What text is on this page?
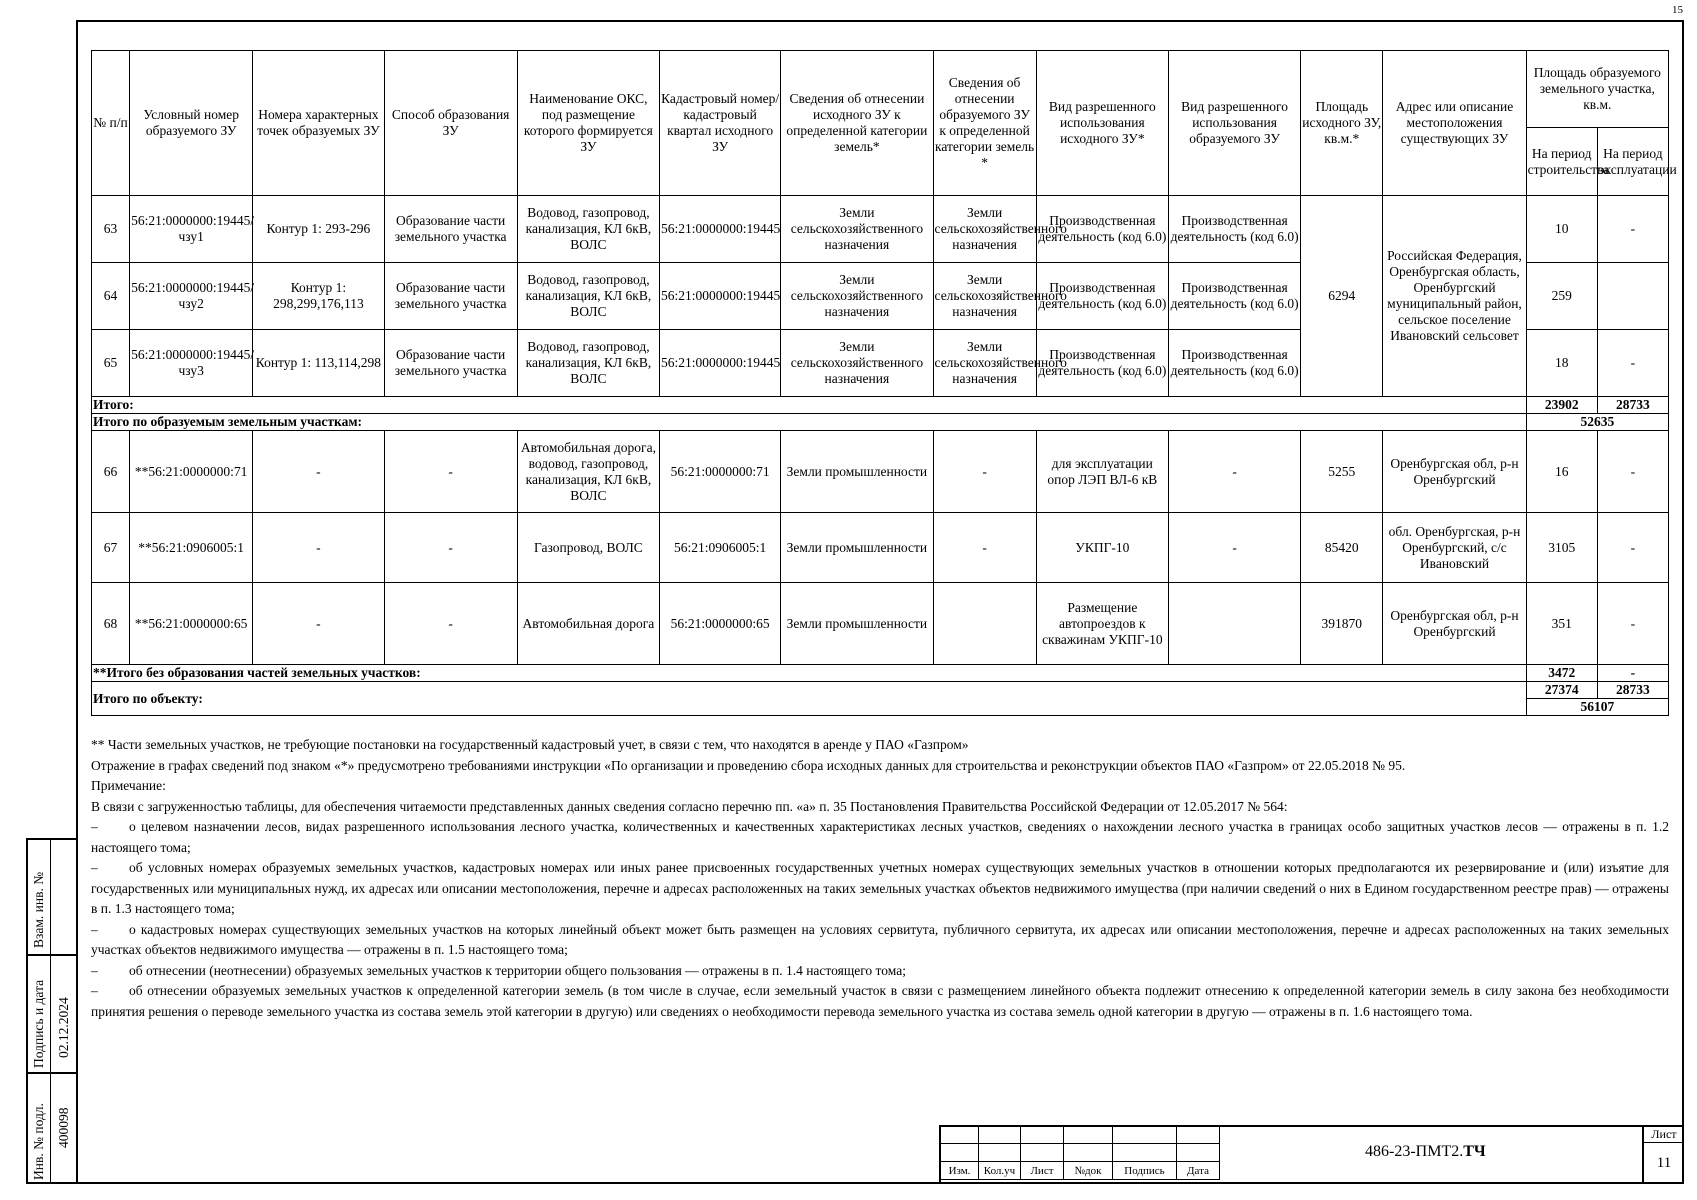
15
№ п/п	Условный номер образуемого ЗУ	Номера характерных точек образуемых ЗУ	Способ образования ЗУ	Наименование ОКС, под размещение которого формируется ЗУ	Кадастровый номер/ кадастровый квартал исходного ЗУ	Сведения об отнесении исходного ЗУ к определенной категории земель*	Сведения об отнесении образуемого ЗУ к определенной категории земель *	Вид разрешенного использования исходного ЗУ*	Вид разрешенного использования образуемого ЗУ	Площадь исходного ЗУ, кв.м.*	Адрес или описание местоположения существующих ЗУ	Площадь образуемого земельного участка, кв.м.	
												На период строительства	На период эксплуатации
63	56:21:0000000:19445/чзу1	Контур 1: 293-296	Образование части земельного участка	Водовод, газопровод, канализация, КЛ 6кВ, ВОЛС	56:21:0000000:19445	Земли сельскохозяйственного назначения	Земли сельскохозяйственного назначения	Производственная деятельность (код 6.0)	Производственная деятельность (код 6.0)	6294	Российская Федерация, Оренбургская область, Оренбургский муниципальный район, сельское поселение Ивановский сельсовет	10	-
64	56:21:0000000:19445/чзу2	Контур 1: 298,299,176,113	Образование части земельного участка	Водовод, газопровод, канализация, КЛ 6кВ, ВОЛС	56:21:0000000:19445	Земли сельскохозяйственного назначения	Земли сельскохозяйственного назначения	Производственная деятельность (код 6.0)	Производственная деятельность (код 6.0)			259	
65	56:21:0000000:19445/чзу3	Контур 1: 113,114,298	Образование части земельного участка	Водовод, газопровод, канализация, КЛ 6кВ, ВОЛС	56:21:0000000:19445	Земли сельскохозяйственного назначения	Земли сельскохозяйственного назначения	Производственная деятельность (код 6.0)	Производственная деятельность (код 6.0)			18	-
Итого:												23902	28733
Итого по образуемым земельным участкам:												52635	
66	**56:21:0000000:71	-	-	Автомобильная дорога, водовод, газопровод, канализация, КЛ 6кВ, ВОЛС	56:21:0000000:71	Земли промышленности	-	для эксплуатации опор ЛЭП ВЛ-6 кВ	-	5255	Оренбургская обл, р-н Оренбургский	16	-
67	**56:21:0906005:1	-	-	Газопровод, ВОЛС	56:21:0906005:1	Земли промышленности	-	УКПГ-10	-	85420	обл. Оренбургская, р-н Оренбургский, с/с Ивановский	3105	-
68	**56:21:0000000:65	-	-	Автомобильная дорога	56:21:0000000:65	Земли промышленности		Размещение автопроездов к скважинам УКПГ-10		391870	Оренбургская обл, р-н Оренбургский	351	-
**Итого без образования частей земельных участков:												3472	-
Итого по объекту:												27374	28733
												56107	

** Части земельных участков, не требующие постановки на государственный кадастровый учет, в связи с тем, что находятся в аренде у ПАО «Газпром»

Отражение в графах сведений под знаком «*» предусмотрено требованиями инструкции «По организации и проведению сбора исходных данных для строительства и реконструкции объектов ПАО «Газпром» от 22.05.2018 № 95.

Примечание:

В связи с загруженностью таблицы, для обеспечения читаемости представленных данных сведения согласно перечню пп. «а» п. 35 Постановления Правительства Российской Федерации от 12.05.2017 № 564:

– о целевом назначении лесов, видах разрешенного использования лесного участка, количественных и качественных характеристиках лесных участков, сведениях о нахождении лесного участка в границах особо защитных участков лесов — отражены в п. 1.2 настоящего тома;

– об условных номерах образуемых земельных участков, кадастровых номерах или иных ранее присвоенных государственных учетных номерах существующих земельных участков в отношении которых предполагаются их резервирование и (или) изъятие для государственных или муниципальных нужд, их адресах или описании местоположения, перечне и адресах расположенных на таких земельных участках объектов недвижимого имущества (при наличии сведений о них в Едином государственном реестре прав) — отражены в п. 1.3 настоящего тома;

– о кадастровых номерах существующих земельных участков на которых линейный объект может быть размещен на условиях сервитута, публичного сервитута, их адресах или описании местоположения, перечне и адресах расположенных на таких земельных участках объектов недвижимого имущества — отражены в п. 1.5 настоящего тома;

– об отнесении (неотнесении) образуемых земельных участков к территории общего пользования — отражены в п. 1.4 настоящего тома;

– об отнесении образуемых земельных участков к определенной категории земель (в том числе в случае, если земельный участок в связи с размещением линейного объекта подлежит отнесению к определенной категории земель в силу закона без необходимости принятия решения о переводе земельного участка из состава земель этой категории в другую) или сведениях о необходимости перевода земельного участка из состава земель одной категории в другую — отражены в п. 1.6 настоящего тома.

Взам. инв. №
Подпись и дата 02.12.2024
Инв. № подл. 400098

Изм.	Кол.уч	Лист	№док	Подпись	Дата
486-23-ПМТ2.ТЧ
Лист
11
